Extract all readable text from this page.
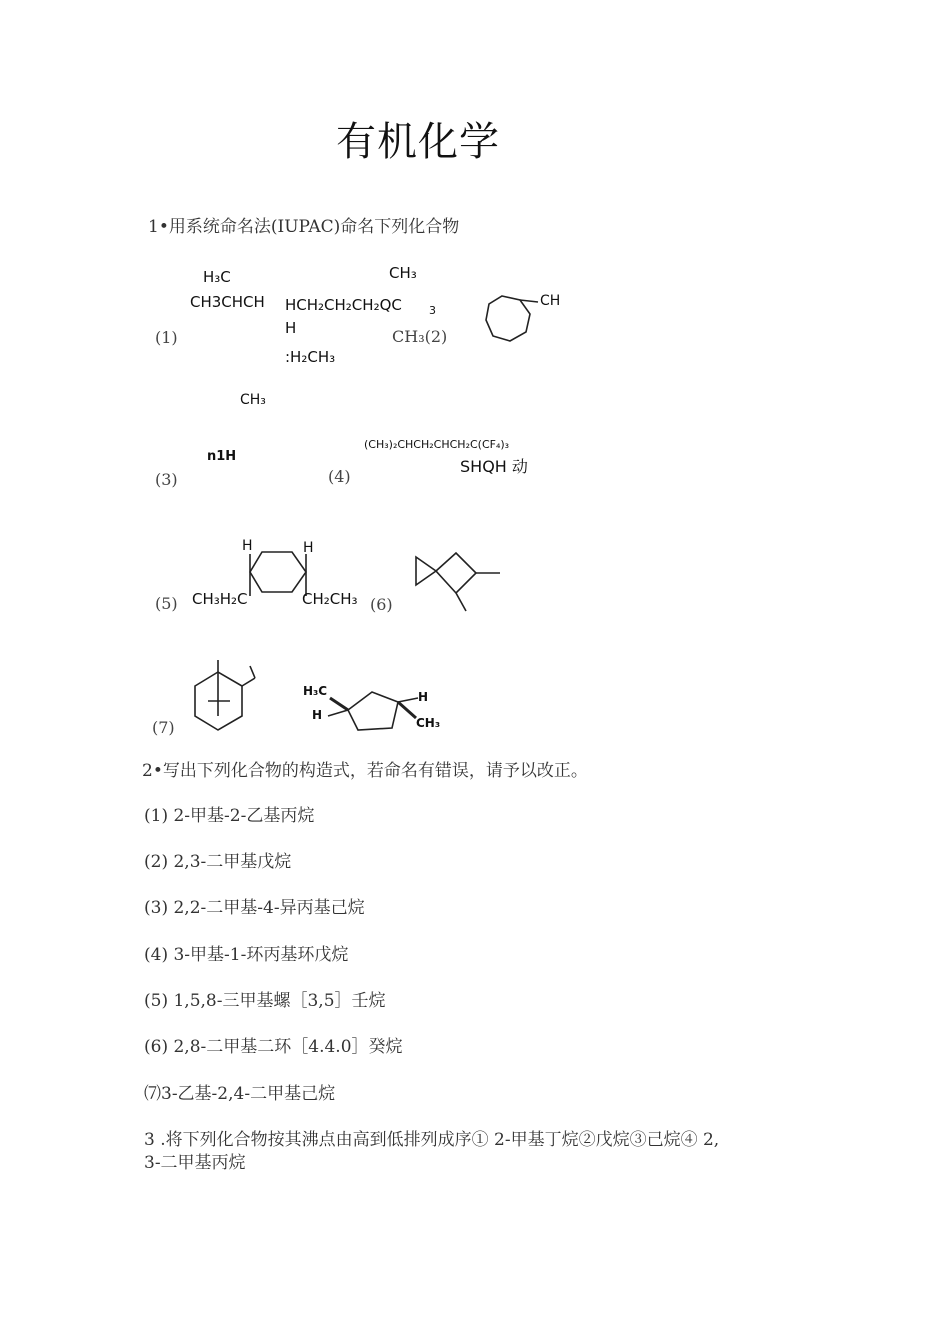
有机化学
1•用系统命名法(IUPAC)命名下列化合物
(1)
H₃C
CH3CHCH
CH₃
HCH₂CH₂CH₂QC 3
H	CH₃(2)
:H₂CH₃
CH
CH₃
n1H
(3)	(4)
(CH₃)₂CHCH₂CHCH₂C(CF₄)₃
SHQH 动
H	H
(5) CH₃H₂C	CH₂CH₃ (6)
(7)
H₃C
H
H
CH₃
2•写出下列化合物的构造式，若命名有错误，请予以改正。
(1) 2-甲基-2-乙基丙烷
(2) 2,3-二甲基戊烷
(3) 2,2-二甲基-4-异丙基己烷
(4) 3-甲基-1-环丙基环戊烷
(5) 1,5,8-三甲基螺［3,5］壬烷
(6) 2,8-二甲基二环［4.4.0］癸烷
⑺3-乙基-2,4-二甲基己烷
3 .将下列化合物按其沸点由高到低排列成序① 2-甲基丁烷②戊烷③己烷④ 2,
3-二甲基丙烷
